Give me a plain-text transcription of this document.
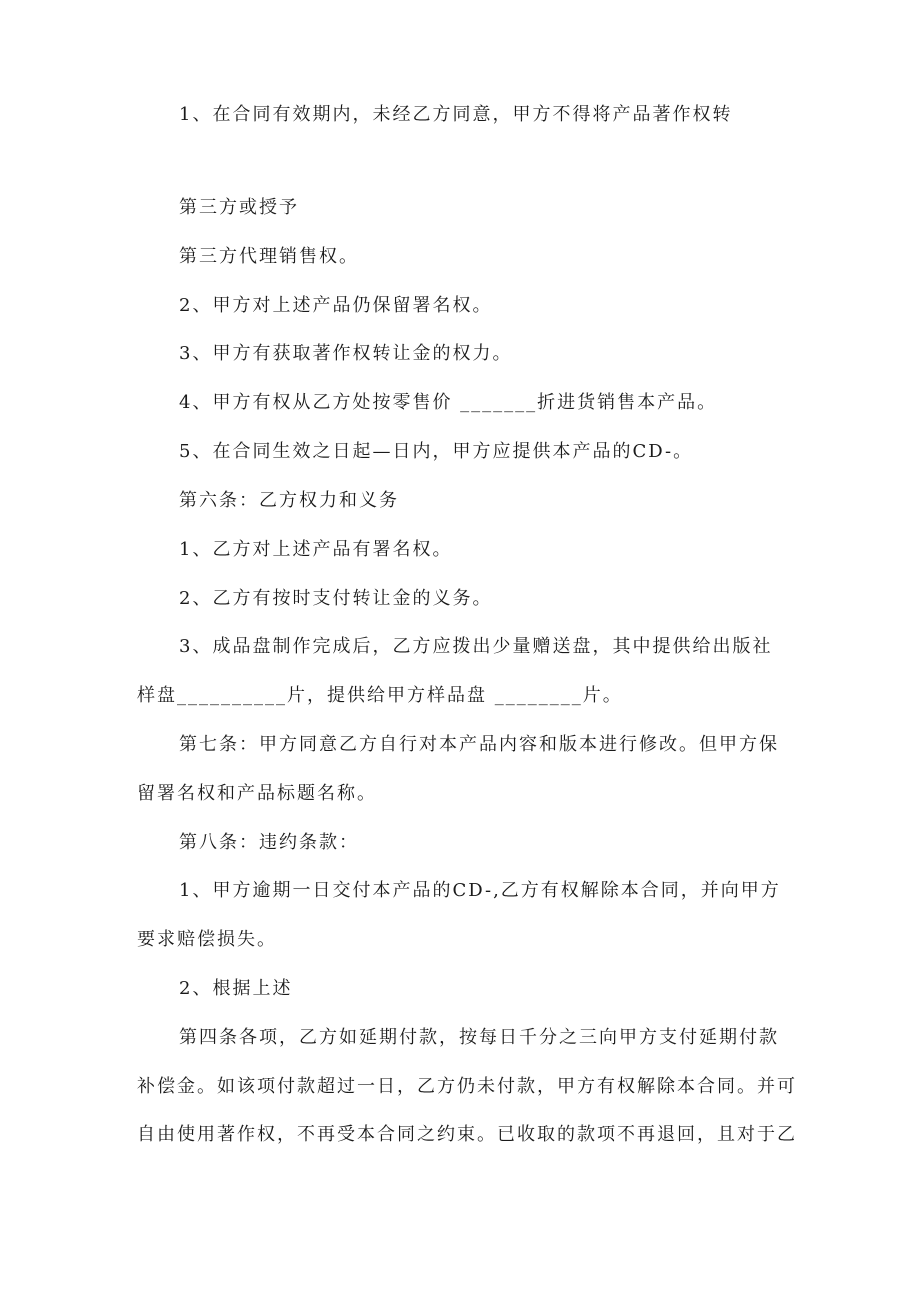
1、在合同有效期内，未经乙方同意，甲方不得将产品著作权转
第三方或授予
第三方代理销售权。
2、甲方对上述产品仍保留署名权。
3、甲方有获取著作权转让金的权力。
4、甲方有权从乙方处按零售价 _______折进货销售本产品。
5、在合同生效之日起—日内，甲方应提供本产品的CD-。
第六条：乙方权力和义务
1、乙方对上述产品有署名权。
2、乙方有按时支付转让金的义务。
3、成品盘制作完成后，乙方应拨出少量赠送盘，其中提供给出版社
样盘__________片，提供给甲方样品盘 ________片。
第七条：甲方同意乙方自行对本产品内容和版本进行修改。但甲方保
留署名权和产品标题名称。
第八条：违约条款：
1、甲方逾期一日交付本产品的CD-,乙方有权解除本合同，并向甲方
要求赔偿损失。
2、根据上述
第四条各项，乙方如延期付款，按每日千分之三向甲方支付延期付款
补偿金。如该项付款超过一日，乙方仍未付款，甲方有权解除本合同。并可
自由使用著作权，不再受本合同之约束。已收取的款项不再退回，且对于乙
